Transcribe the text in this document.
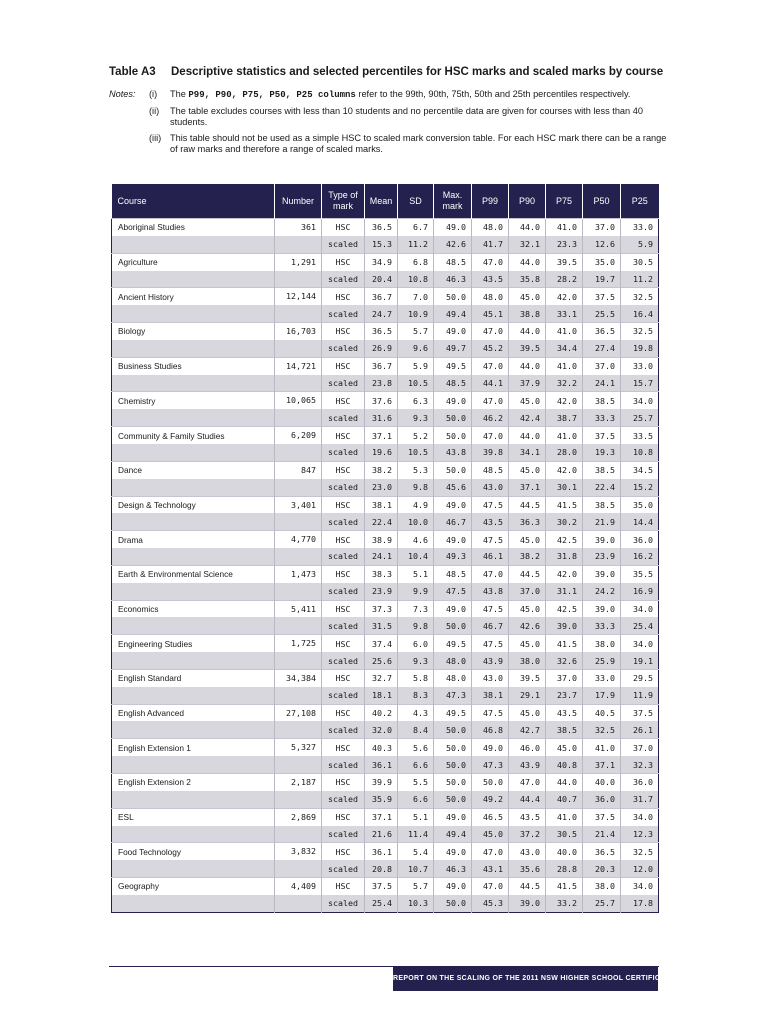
Table A3 Descriptive statistics and selected percentiles for HSC marks and scaled marks by course
Notes: (i) The P99, P90, P75, P50, P25 columns refer to the 99th, 90th, 75th, 50th and 25th percentiles respectively.
(ii) The table excludes courses with less than 10 students and no percentile data are given for courses with less than 40 students.
(iii) This table should not be used as a simple HSC to scaled mark conversion table. For each HSC mark there can be a range of raw marks and therefore a range of scaled marks.
Course	Number	Type of mark	Mean	SD	Max. mark	P99	P90	P75	P50	P25
Aboriginal Studies	361	HSC	36.5	6.7	49.0	48.0	44.0	41.0	37.0	33.0
		scaled	15.3	11.2	42.6	41.7	32.1	23.3	12.6	5.9
Agriculture	1,291	HSC	34.9	6.8	48.5	47.0	44.0	39.5	35.0	30.5
		scaled	20.4	10.8	46.3	43.5	35.8	28.2	19.7	11.2
Ancient History	12,144	HSC	36.7	7.0	50.0	48.0	45.0	42.0	37.5	32.5
		scaled	24.7	10.9	49.4	45.1	38.8	33.1	25.5	16.4
Biology	16,703	HSC	36.5	5.7	49.0	47.0	44.0	41.0	36.5	32.5
		scaled	26.9	9.6	49.7	45.2	39.5	34.4	27.4	19.8
Business Studies	14,721	HSC	36.7	5.9	49.5	47.0	44.0	41.0	37.0	33.0
		scaled	23.8	10.5	48.5	44.1	37.9	32.2	24.1	15.7
Chemistry	10,065	HSC	37.6	6.3	49.0	47.0	45.0	42.0	38.5	34.0
		scaled	31.6	9.3	50.0	46.2	42.4	38.7	33.3	25.7
Community & Family Studies	6,209	HSC	37.1	5.2	50.0	47.0	44.0	41.0	37.5	33.5
		scaled	19.6	10.5	43.8	39.8	34.1	28.0	19.3	10.8
Dance	847	HSC	38.2	5.3	50.0	48.5	45.0	42.0	38.5	34.5
		scaled	23.0	9.8	45.6	43.0	37.1	30.1	22.4	15.2
Design & Technology	3,401	HSC	38.1	4.9	49.0	47.5	44.5	41.5	38.5	35.0
		scaled	22.4	10.0	46.7	43.5	36.3	30.2	21.9	14.4
Drama	4,770	HSC	38.9	4.6	49.0	47.5	45.0	42.5	39.0	36.0
		scaled	24.1	10.4	49.3	46.1	38.2	31.8	23.9	16.2
Earth & Environmental Science	1,473	HSC	38.3	5.1	48.5	47.0	44.5	42.0	39.0	35.5
		scaled	23.9	9.9	47.5	43.8	37.0	31.1	24.2	16.9
Economics	5,411	HSC	37.3	7.3	49.0	47.5	45.0	42.5	39.0	34.0
		scaled	31.5	9.8	50.0	46.7	42.6	39.0	33.3	25.4
Engineering Studies	1,725	HSC	37.4	6.0	49.5	47.5	45.0	41.5	38.0	34.0
		scaled	25.6	9.3	48.0	43.9	38.0	32.6	25.9	19.1
English Standard	34,384	HSC	32.7	5.8	48.0	43.0	39.5	37.0	33.0	29.5
		scaled	18.1	8.3	47.3	38.1	29.1	23.7	17.9	11.9
English Advanced	27,108	HSC	40.2	4.3	49.5	47.5	45.0	43.5	40.5	37.5
		scaled	32.0	8.4	50.0	46.8	42.7	38.5	32.5	26.1
English Extension 1	5,327	HSC	40.3	5.6	50.0	49.0	46.0	45.0	41.0	37.0
		scaled	36.1	6.6	50.0	47.3	43.9	40.8	37.1	32.3
English Extension 2	2,187	HSC	39.9	5.5	50.0	50.0	47.0	44.0	40.0	36.0
		scaled	35.9	6.6	50.0	49.2	44.4	40.7	36.0	31.7
ESL	2,869	HSC	37.1	5.1	49.0	46.5	43.5	41.0	37.5	34.0
		scaled	21.6	11.4	49.4	45.0	37.2	30.5	21.4	12.3
Food Technology	3,832	HSC	36.1	5.4	49.0	47.0	43.0	40.0	36.5	32.5
		scaled	20.8	10.7	46.3	43.1	35.6	28.8	20.3	12.0
Geography	4,409	HSC	37.5	5.7	49.0	47.0	44.5	41.5	38.0	34.0
		scaled	25.4	10.3	50.0	45.3	39.0	33.2	25.7	17.8
REPORT ON THE SCALING OF THE 2011 NSW HIGHER SCHOOL CERTIFICATE | 1
